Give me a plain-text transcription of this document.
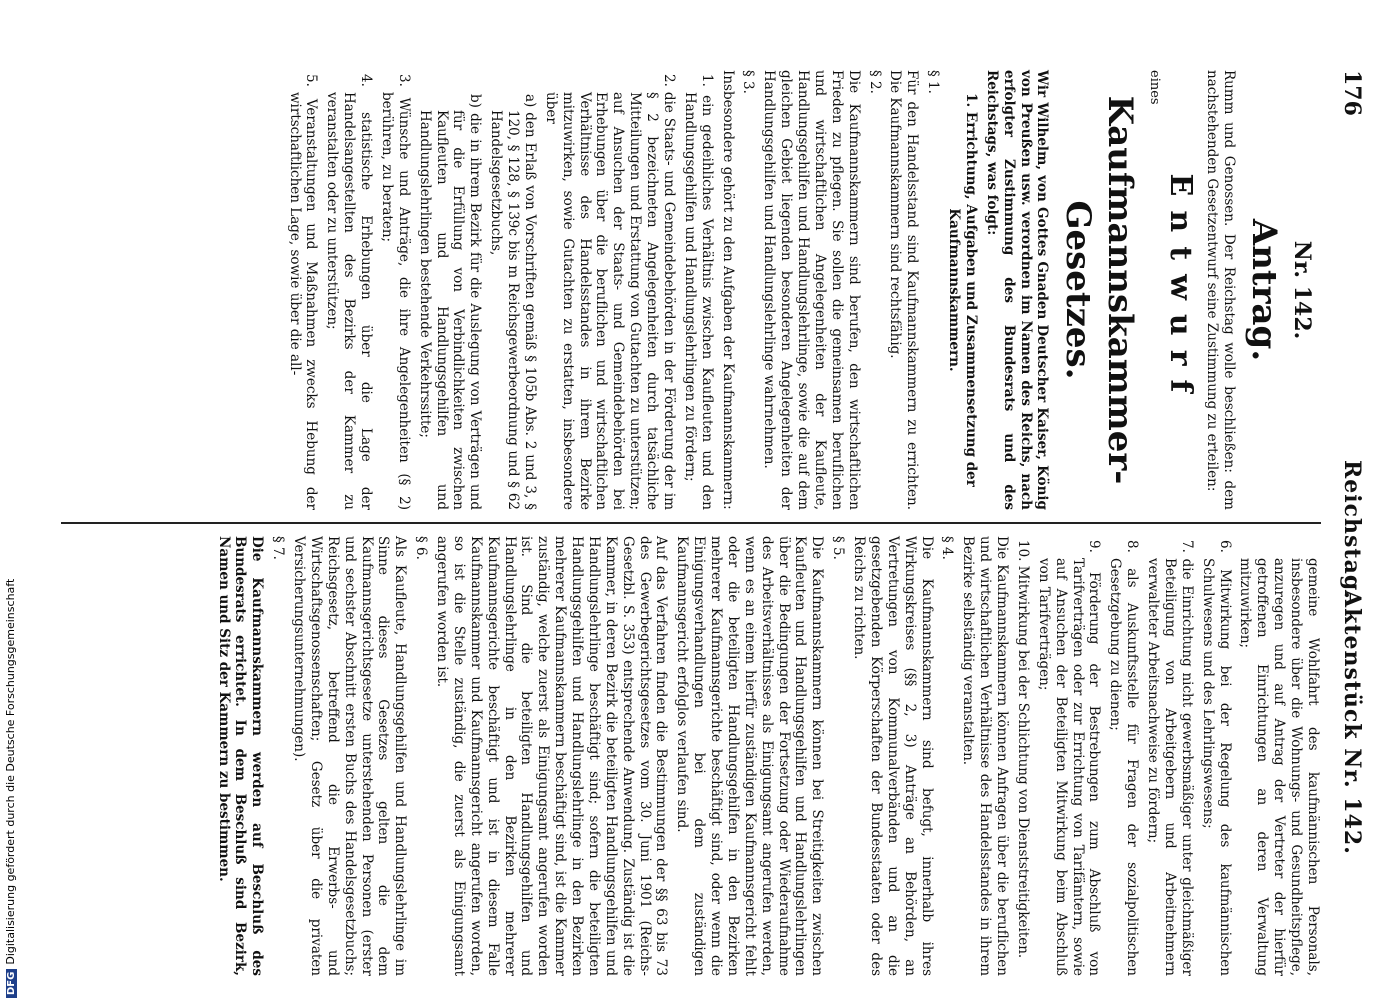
176
Reichstag.
Aktenstück Nr. 142.
Nr. 142.
Antrag.

Rumm und Genossen. Der Reichstag wolle beschließen: dem nachstehenden Gesetzentwurf seine Zustimmung zu erteilen:

Entwurf

eines

Kaufmannskammer-Gesetzes.

Wir Wilhelm, von Gottes Gnaden Deutscher Kaiser, König von Preußen usw. verordnen im Namen des Reichs, nach erfolgter Zustimmung des Bundesrats und des Reichstags, was folgt:

1. Errichtung, Aufgaben und Zusammensetzung der Kaufmannskammern.

§ 1.

Für den Handelsstand sind Kaufmannskammern zu errichten. Die Kaufmannskammern sind rechtsfähig.

§ 2.

Die Kaufmannskammern sind berufen, den wirtschaftlichen Frieden zu pflegen. Sie sollen die gemeinsamen beruflichen und wirtschaftlichen Angelegenheiten der Kaufleute, Handlungsgehilfen und Handlungslehrlinge, sowie die auf dem gleichen Gebiet liegenden besonderen Angelegenheiten der Handlungsgehilfen und Handlungslehrlinge wahrnehmen.

§ 3.

Insbesondere gehört zu den Aufgaben der Kaufmannskammern:

1. ein gedeihliches Verhältnis zwischen Kaufleuten und den Handlungsgehilfen und Handlungslehrlingen zu fördern;

2. die Staats- und Gemeindebehörden in der Förderung der im § 2 bezeichneten Angelegenheiten durch tatsächliche Mitteilungen und Erstattung von Gutachten zu unterstützen; auf Ansuchen der Staats- und Gemeindebehörden bei Erhebungen über die beruflichen und wirtschaftlichen Verhältnisse des Handelsstandes in ihrem Bezirke mitzuwirken, sowie Gutachten zu erstatten, insbesondere über

a) den Erlaß von Vorschriften gemäß § 105b Abs. 2 und 3, § 120, § 128, § 139c bis m Reichsgewerbeordnung und § 62 Handelsgesetzbuchs,

b) die in ihrem Bezirk für die Auslegung von Verträgen und für die Erfüllung von Verbindlichkeiten zwischen Kaufleuten und Handlungsgehilfen und Handlungslehrlingen bestehende Verkehrssitte;

3. Wünsche und Anträge, die ihre Angelegenheiten (§ 2) berühren, zu beraten;

4. statistische Erhebungen über die Lage der Handelsangestellten des Bezirks der Kammer zu veranstalten oder zu unterstützen;

5. Veranstaltungen und Maßnahmen zwecks Hebung der wirtschaftlichen Lage, sowie über die all-

gemeine Wohlfahrt des kaufmännischen Personals, insbesondere über die Wohnungs- und Gesundheitspflege, anzuregen und auf Antrag der Vertreter der hierfür getroffenen Einrichtungen an deren Verwaltung mitzuwirken;

6. Mitwirkung bei der Regelung des kaufmännischen Schulwesens und des Lehrlingswesens;

7. die Einrichtung nicht gewerbsmäßiger unter gleichmäßiger Beteiligung von Arbeitgebern und Arbeitnehmern verwalteter Arbeitsnachweise zu fördern;

8. als Auskunftsstelle für Fragen der sozialpolitischen Gesetzgebung zu dienen;

9. Förderung der Bestrebungen zum Abschluß von Tarifverträgen oder zur Errichtung von Tarifämtern, sowie auf Ansuchen der Beteiligten Mitwirkung beim Abschluß von Tarifverträgen;

10. Mitwirkung bei der Schlichtung von Dienststreitigkeiten.

Die Kaufmannskammern können Anfragen über die beruflichen und wirtschaftlichen Verhältnisse des Handelsstandes in ihrem Bezirke selbständig veranstalten.

§ 4.

Die Kaufmannskammern sind befugt, innerhalb ihres Wirkungskreises (§§ 2, 3) Anträge an Behörden, an Vertretungen von Kommunalverbänden und an die gesetzgebenden Körperschaften der Bundesstaaten oder des Reichs zu richten.

§ 5.

Die Kaufmannskammern können bei Streitigkeiten zwischen Kaufleuten und Handlungsgehilfen und Handlungslehrlingen über die Bedingungen der Fortsetzung oder Wiederaufnahme des Arbeitsverhältnisses als Einigungsamt angerufen werden, wenn es an einem hierfür zuständigen Kaufmannsgericht fehlt oder die beteiligten Handlungsgehilfen in den Bezirken mehrerer Kaufmannsgerichte beschäftigt sind, oder wenn die Einigungsverhandlungen bei dem zuständigen Kaufmannsgericht erfolglos verlaufen sind.

Auf das Verfahren finden die Bestimmungen der §§ 63 bis 73 des Gewerbegerichtsgesetzes vom 30. Juni 1901 (Reichs-Gesetzbl. S. 353) entsprechende Anwendung. Zuständig ist die Kammer, in deren Bezirk die beteiligten Handlungsgehilfen und Handlungslehrlinge beschäftigt sind; sofern die beteiligten Handlungsgehilfen und Handlungslehrlinge in den Bezirken mehrerer Kaufmannskammern beschäftigt sind, ist die Kammer zuständig, welche zuerst als Einigungsamt angerufen worden ist. Sind die beteiligten Handlungsgehilfen und Handlungslehrlinge in den Bezirken mehrerer Kaufmannsgerichte beschäftigt und ist in diesem Falle Kaufmannskammer und Kaufmannsgericht angerufen worden, so ist die Stelle zuständig, die zuerst als Einigungsamt angerufen worden ist.

§ 6.

Als Kaufleute, Handlungsgehilfen und Handlungslehrlinge im Sinne dieses Gesetzes gelten die dem Kaufmannsgerichtsgesetze unterstehenden Personen (erster und sechster Abschnitt ersten Buchs des Handelsgesetzbuchs; Reichsgesetz, betreffend die Erwerbs- und Wirtschaftsgenossenschaften; Gesetz über die privaten Versicherungsunternehmungen).

§ 7.

Die Kaufmannskammern werden auf Beschluß des Bundesrats errichtet. In dem Beschluß sind Bezirk, Namen und Sitz der Kammern zu bestimmen.

DFGDigitalisierung gefördert durch die Deutsche Forschungsgemeinschaft
